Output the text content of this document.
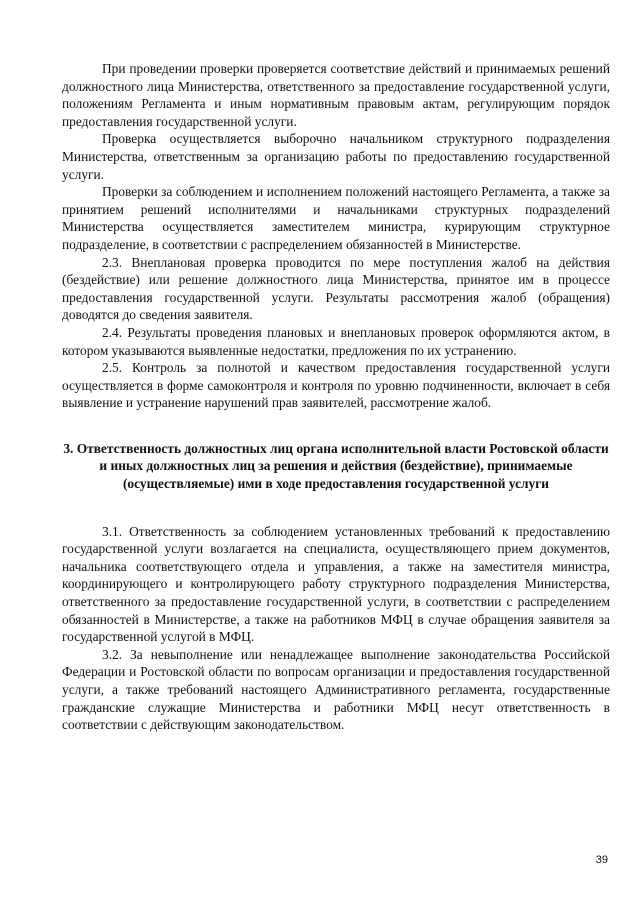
При проведении проверки проверяется соответствие действий и принимаемых решений должностного лица Министерства, ответственного за предоставление государственной услуги, положениям Регламента и иным нормативным правовым актам, регулирующим порядок предоставления государственной услуги.

Проверка осуществляется выборочно начальником структурного подразделения Министерства, ответственным за организацию работы по предоставлению государственной услуги.

Проверки за соблюдением и исполнением положений настоящего Регламента, а также за принятием решений исполнителями и начальниками структурных подразделений Министерства осуществляется заместителем министра, курирующим структурное подразделение, в соответствии с распределением обязанностей в Министерстве.

2.3. Внеплановая проверка проводится по мере поступления жалоб на действия (бездействие) или решение должностного лица Министерства, принятое им в процессе предоставления государственной услуги. Результаты рассмотрения жалоб (обращения) доводятся до сведения заявителя.

2.4. Результаты проведения плановых и внеплановых проверок оформляются актом, в котором указываются выявленные недостатки, предложения по их устранению.

2.5. Контроль за полнотой и качеством предоставления государственной услуги осуществляется в форме самоконтроля и контроля по уровню подчиненности, включает в себя выявление и устранение нарушений прав заявителей, рассмотрение жалоб.

3. Ответственность должностных лиц органа исполнительной власти Ростовской области и иных должностных лиц за решения и действия (бездействие), принимаемые (осуществляемые) ими в ходе предоставления государственной услуги

3.1. Ответственность за соблюдением установленных требований к предоставлению государственной услуги возлагается на специалиста, осуществляющего прием документов, начальника соответствующего отдела и управления, а также на заместителя министра, координирующего и контролирующего работу структурного подразделения Министерства, ответственного за предоставление государственной услуги, в соответствии с распределением обязанностей в Министерстве, а также на работников МФЦ в случае обращения заявителя за государственной услугой в МФЦ.

3.2. За невыполнение или ненадлежащее выполнение законодательства Российской Федерации и Ростовской области по вопросам организации и предоставления государственной услуги, а также требований настоящего Административного регламента, государственные гражданские служащие Министерства и работники МФЦ несут ответственность в соответствии с действующим законодательством.

39
